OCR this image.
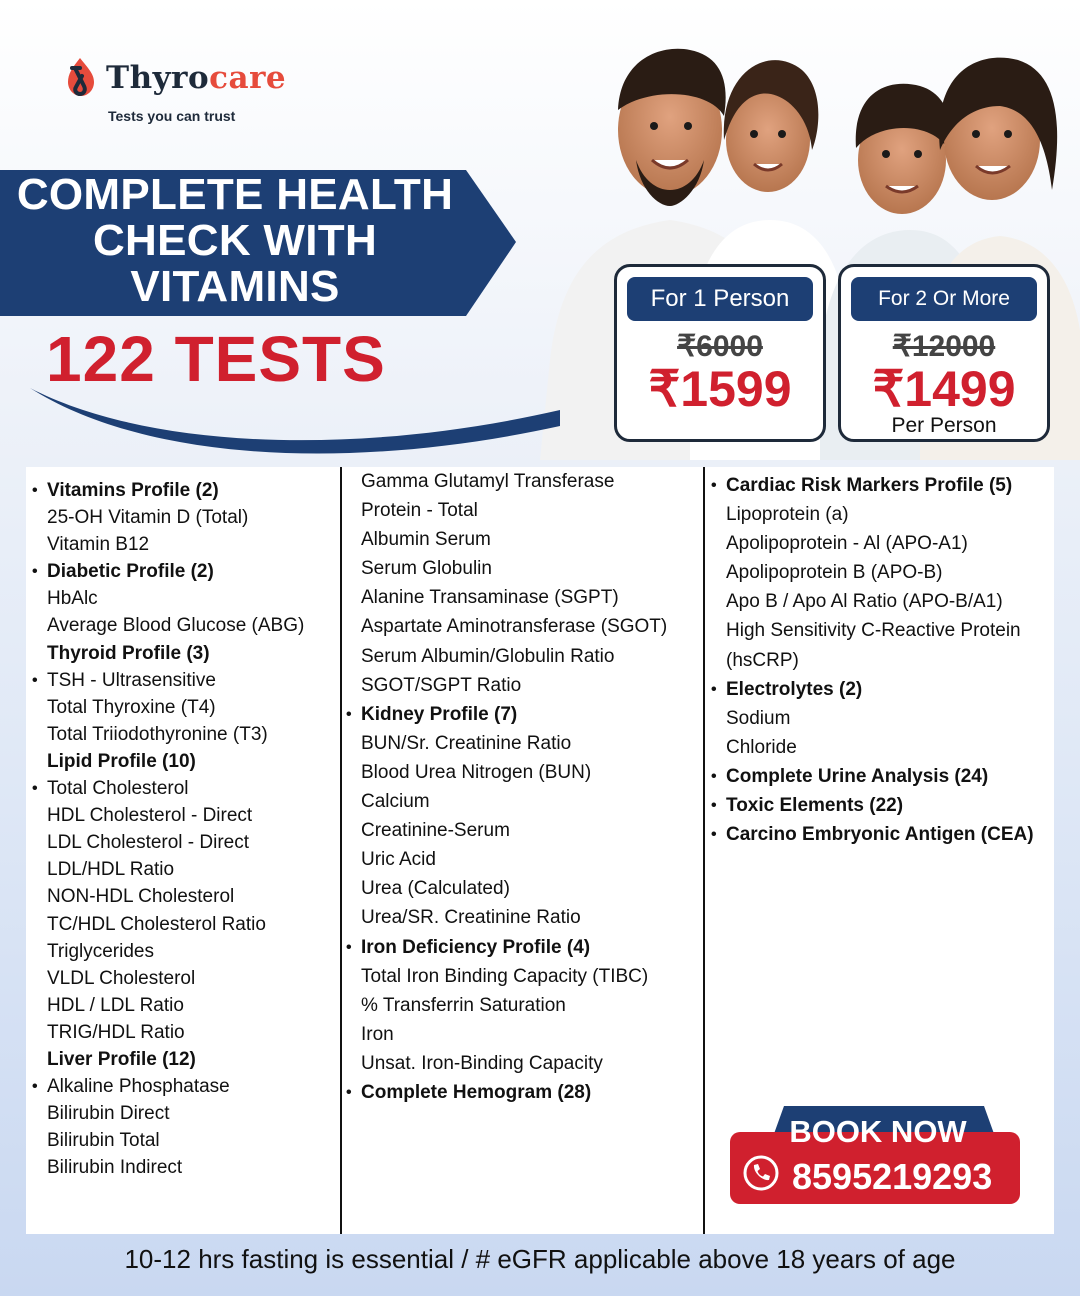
Thyrocare
Tests you can trust
COMPLETE HEALTH
CHECK WITH
VITAMINS
122 TESTS
For 1 Person
₹6000
₹1599
For 2 Or More
₹12000
₹1499
Per Person
• Vitamins Profile (2)
25-OH Vitamin D (Total)
Vitamin B12
• Diabetic Profile (2)
HbAlc
Average Blood Glucose (ABG)
Thyroid Profile (3)
• TSH - Ultrasensitive
Total Thyroxine (T4)
Total Triiodothyronine (T3)
Lipid Profile (10)
• Total Cholesterol
HDL Cholesterol - Direct
LDL Cholesterol - Direct
LDL/HDL Ratio
NON-HDL Cholesterol
TC/HDL Cholesterol Ratio
Triglycerides
VLDL Cholesterol
HDL / LDL Ratio
TRIG/HDL Ratio
Liver Profile (12)
• Alkaline Phosphatase
Bilirubin Direct
Bilirubin Total
Bilirubin Indirect
Gamma Glutamyl Transferase
Protein - Total
Albumin Serum
Serum Globulin
Alanine Transaminase (SGPT)
Aspartate Aminotransferase (SGOT)
Serum Albumin/Globulin Ratio
SGOT/SGPT Ratio
• Kidney Profile (7)
BUN/Sr. Creatinine Ratio
Blood Urea Nitrogen (BUN)
Calcium
Creatinine-Serum
Uric Acid
Urea (Calculated)
Urea/SR. Creatinine Ratio
• Iron Deficiency Profile (4)
Total Iron Binding Capacity (TIBC)
% Transferrin Saturation
Iron
Unsat. Iron-Binding Capacity
• Complete Hemogram (28)
• Cardiac Risk Markers Profile (5)
Lipoprotein (a)
Apolipoprotein - Al (APO-A1)
Apolipoprotein B (APO-B)
Apo B / Apo Al Ratio (APO-B/A1)
High Sensitivity C-Reactive Protein
(hsCRP)
• Electrolytes (2)
Sodium
Chloride
• Complete Urine Analysis (24)
• Toxic Elements (22)
• Carcino Embryonic Antigen (CEA)
BOOK NOW
8595219293
10-12 hrs fasting is essential / # eGFR applicable above 18 years of age
